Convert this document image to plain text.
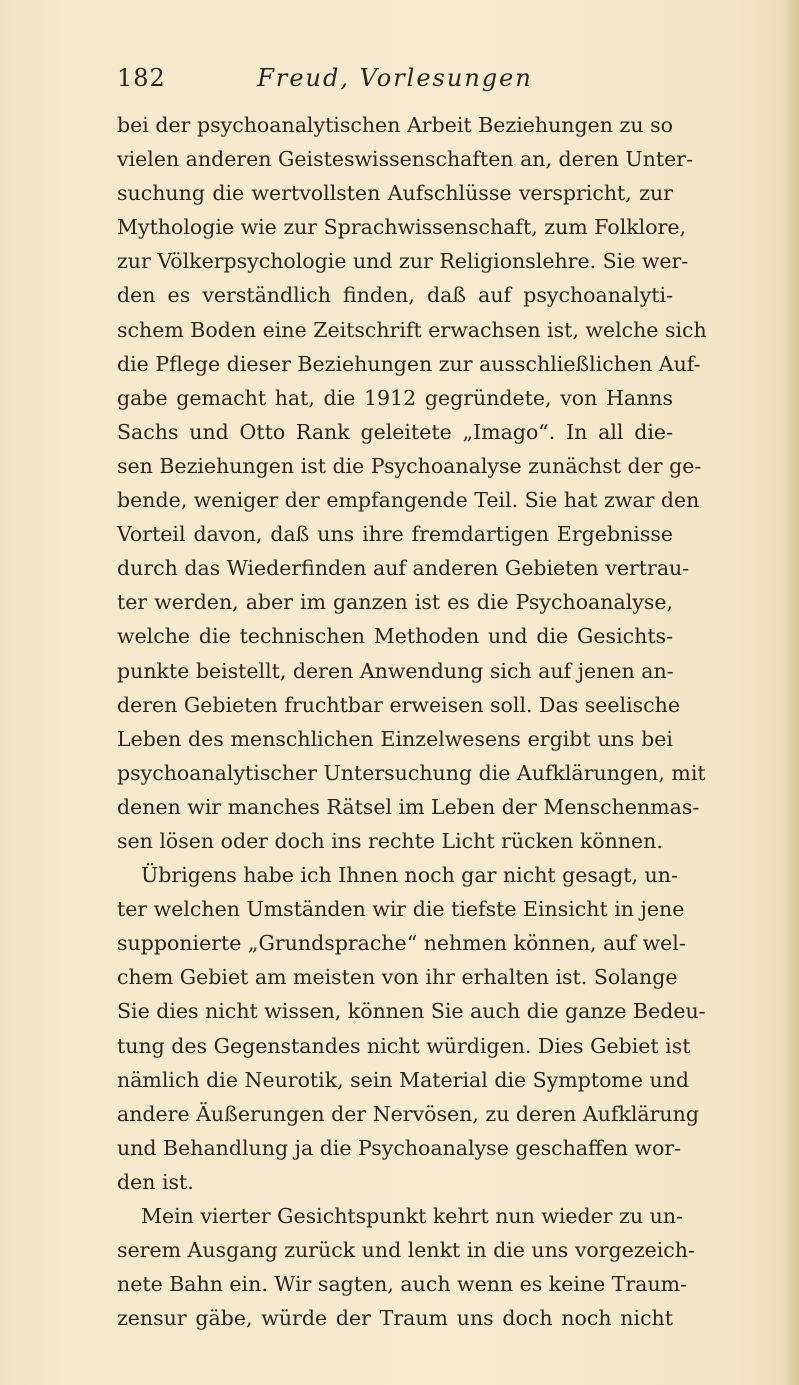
182	Freud, Vorlesungen
bei der psychoanalytischen Arbeit Beziehungen zu so
vielen anderen Geisteswissenschaften an, deren Unter-
suchung die wertvollsten Aufschlüsse verspricht, zur
Mythologie wie zur Sprachwissenschaft, zum Folklore,
zur Völkerpsychologie und zur Religionslehre. Sie wer-
den es verständlich finden, daß auf psychoanalyti-
schem Boden eine Zeitschrift erwachsen ist, welche sich
die Pflege dieser Beziehungen zur ausschließlichen Auf-
gabe gemacht hat, die 1912 gegründete, von Hanns
Sachs und Otto Rank geleitete „Imago“. In all die-
sen Beziehungen ist die Psychoanalyse zunächst der ge-
bende, weniger der empfangende Teil. Sie hat zwar den
Vorteil davon, daß uns ihre fremdartigen Ergebnisse
durch das Wiederfinden auf anderen Gebieten vertrau-
ter werden, aber im ganzen ist es die Psychoanalyse,
welche die technischen Methoden und die Gesichts-
punkte beistellt, deren Anwendung sich auf jenen an-
deren Gebieten fruchtbar erweisen soll. Das seelische
Leben des menschlichen Einzelwesens ergibt uns bei
psychoanalytischer Untersuchung die Aufklärungen, mit
denen wir manches Rätsel im Leben der Menschenmas-
sen lösen oder doch ins rechte Licht rücken können.
Übrigens habe ich Ihnen noch gar nicht gesagt, un-
ter welchen Umständen wir die tiefste Einsicht in jene
supponierte „Grundsprache“ nehmen können, auf wel-
chem Gebiet am meisten von ihr erhalten ist. Solange
Sie dies nicht wissen, können Sie auch die ganze Bedeu-
tung des Gegenstandes nicht würdigen. Dies Gebiet ist
nämlich die Neurotik, sein Material die Symptome und
andere Äußerungen der Nervösen, zu deren Aufklärung
und Behandlung ja die Psychoanalyse geschaffen wor-
den ist.
Mein vierter Gesichtspunkt kehrt nun wieder zu un-
serem Ausgang zurück und lenkt in die uns vorgezeich-
nete Bahn ein. Wir sagten, auch wenn es keine Traum-
zensur gäbe, würde der Traum uns doch noch nicht
